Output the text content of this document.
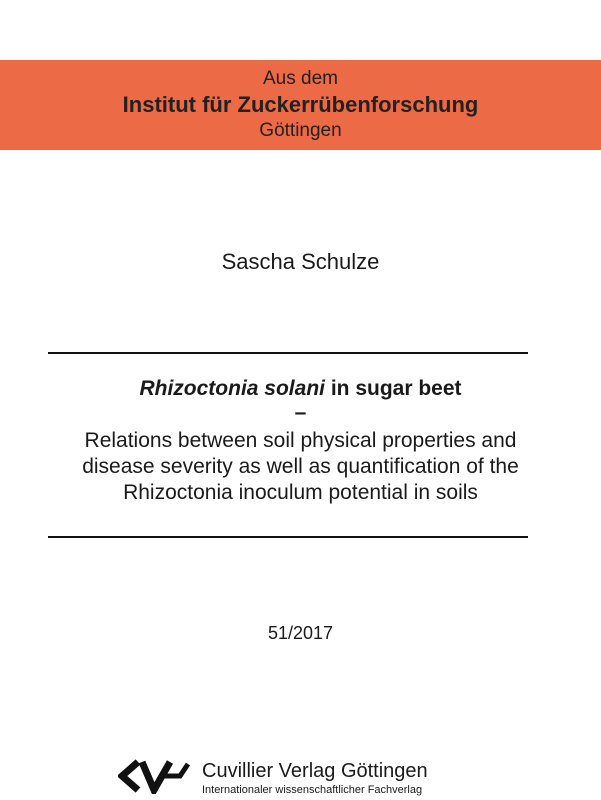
Aus dem
Institut für Zuckerrübenforschung
Göttingen
Sascha Schulze
Rhizoctonia solani in sugar beet
–
Relations between soil physical properties and
disease severity as well as quantification of the
Rhizoctonia inoculum potential in soils
51/2017
Cuvillier Verlag Göttingen
Internationaler wissenschaftlicher Fachverlag
